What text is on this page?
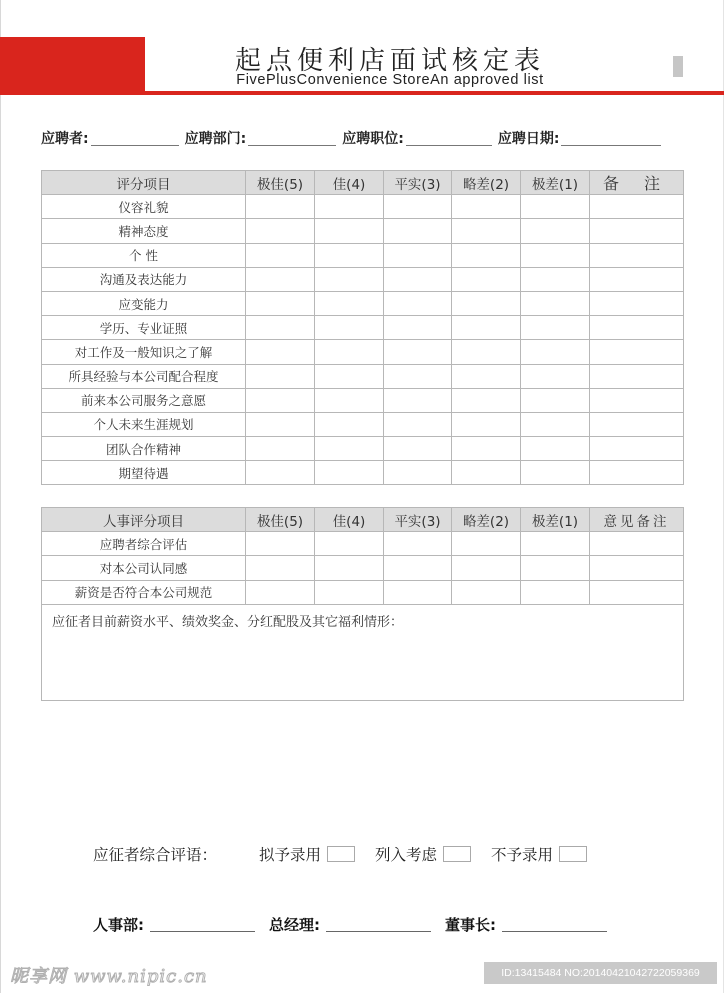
起点便利店面试核定表
FivePlusConvenience StoreAn approved list
应聘者:	应聘部门:	应聘职位:	应聘日期:
评分项目	极佳(5)	佳(4)	平实(3)	略差(2)	极差(1)	备 注
仪容礼貌						
精神态度						
个 性						
沟通及表达能力						
应变能力						
学历、专业证照						
对工作及一般知识之了解						
所具经验与本公司配合程度						
前来本公司服务之意愿						
个人未来生涯规划						
团队合作精神						
期望待遇						
人事评分项目	极佳(5)	佳(4)	平实(3)	略差(2)	极差(1)	意见备注
应聘者综合评估						
对本公司认同感						
薪资是否符合本公司规范						
应征者目前薪资水平、绩效奖金、分红配股及其它福利情形：						
应征者综合评语：	拟予录用	列入考虑	不予录用
人事部:	总经理:	董事长:
昵享网 www.nipic.cn	ID:13415484 NO:20140421042722059369
